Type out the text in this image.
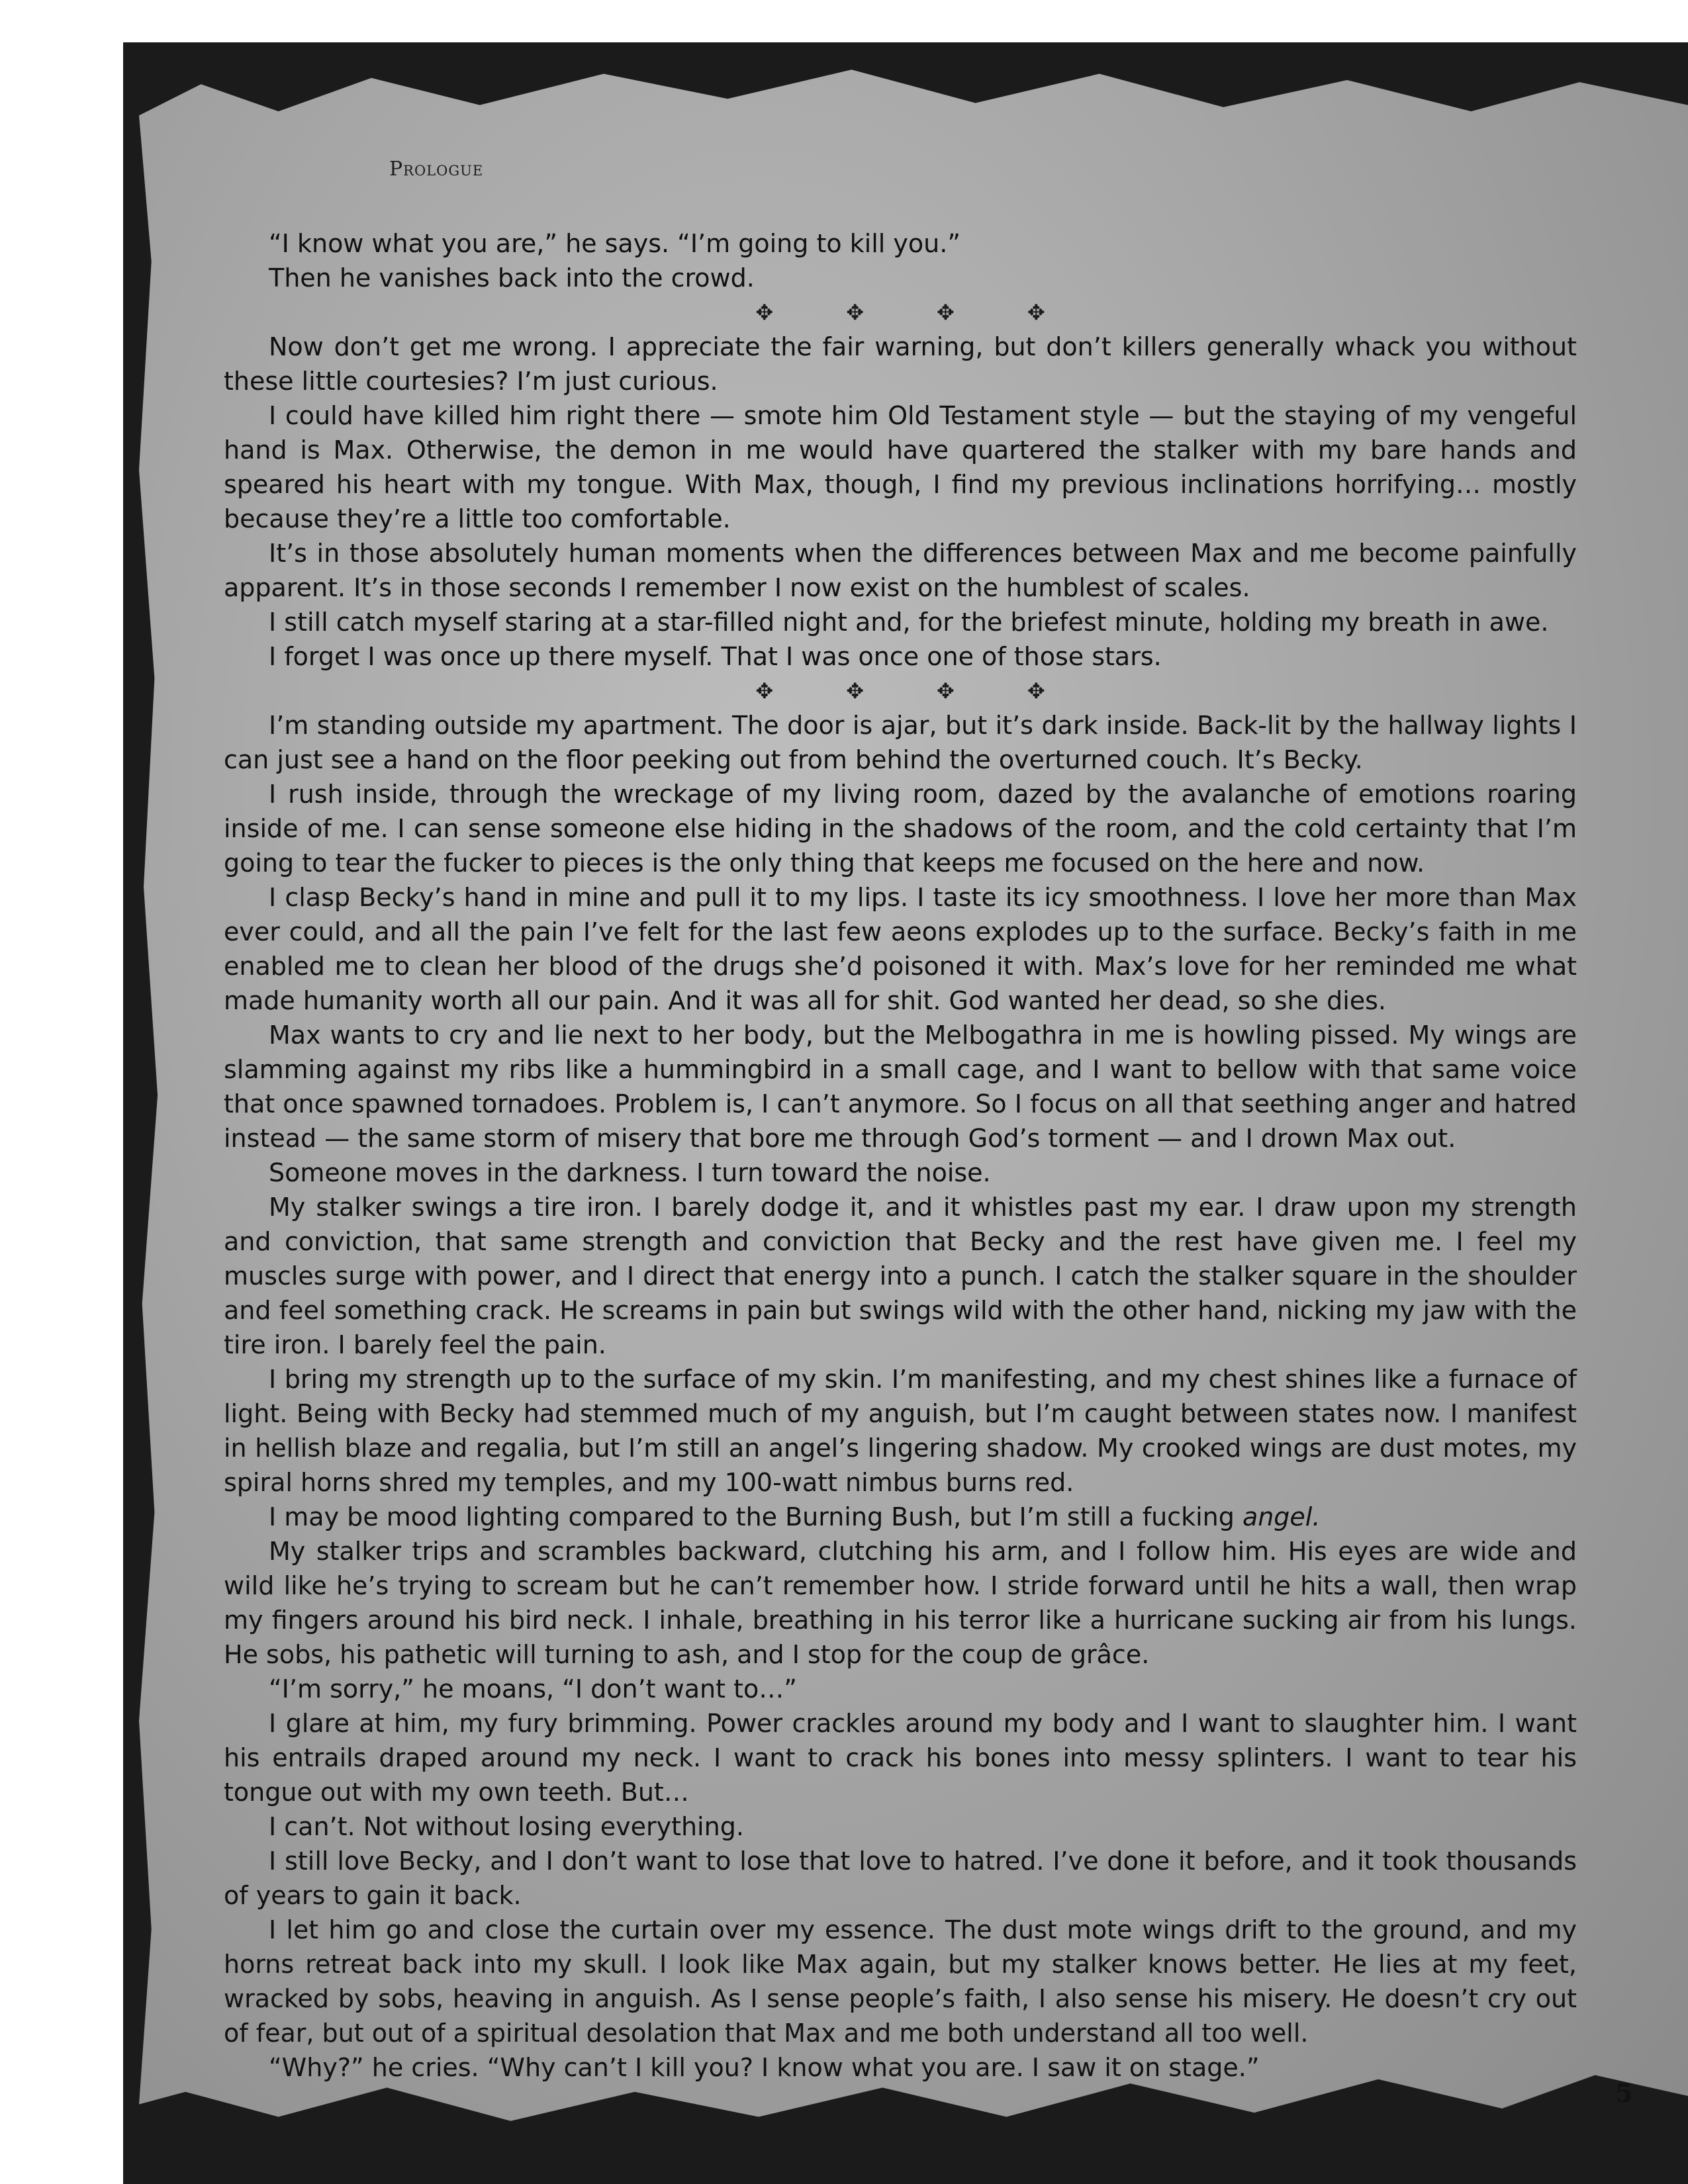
Prologue

“I know what you are,” he says. “I’m going to kill you.”

Then he vanishes back into the crowd.

✥✥✥✥

Now don’t get me wrong. I appreciate the fair warning, but don’t killers generally whack you without these little courtesies? I’m just curious.

I could have killed him right there — smote him Old Testament style — but the staying of my vengeful hand is Max. Otherwise, the demon in me would have quartered the stalker with my bare hands and speared his heart with my tongue. With Max, though, I find my previous inclinations horrifying… mostly because they’re a little too comfortable.

It’s in those absolutely human moments when the differences between Max and me become painfully apparent. It’s in those seconds I remember I now exist on the humblest of scales.

I still catch myself staring at a star-filled night and, for the briefest minute, holding my breath in awe.

I forget I was once up there myself. That I was once one of those stars.

✥✥✥✥

I’m standing outside my apartment. The door is ajar, but it’s dark inside. Back-lit by the hallway lights I can just see a hand on the floor peeking out from behind the overturned couch. It’s Becky.

I rush inside, through the wreckage of my living room, dazed by the avalanche of emotions roaring inside of me. I can sense someone else hiding in the shadows of the room, and the cold certainty that I’m going to tear the fucker to pieces is the only thing that keeps me focused on the here and now.

I clasp Becky’s hand in mine and pull it to my lips. I taste its icy smoothness. I love her more than Max ever could, and all the pain I’ve felt for the last few aeons explodes up to the surface. Becky’s faith in me enabled me to clean her blood of the drugs she’d poisoned it with. Max’s love for her reminded me what made humanity worth all our pain. And it was all for shit. God wanted her dead, so she dies.

Max wants to cry and lie next to her body, but the Melbogathra in me is howling pissed. My wings are slamming against my ribs like a hummingbird in a small cage, and I want to bellow with that same voice that once spawned tornadoes. Problem is, I can’t anymore. So I focus on all that seething anger and hatred instead — the same storm of misery that bore me through God’s torment — and I drown Max out.

Someone moves in the darkness. I turn toward the noise.

My stalker swings a tire iron. I barely dodge it, and it whistles past my ear. I draw upon my strength and conviction, that same strength and conviction that Becky and the rest have given me. I feel my muscles surge with power, and I direct that energy into a punch. I catch the stalker square in the shoulder and feel something crack. He screams in pain but swings wild with the other hand, nicking my jaw with the tire iron. I barely feel the pain.

I bring my strength up to the surface of my skin. I’m manifesting, and my chest shines like a furnace of light. Being with Becky had stemmed much of my anguish, but I’m caught between states now. I manifest in hellish blaze and regalia, but I’m still an angel’s lingering shadow. My crooked wings are dust motes, my spiral horns shred my temples, and my 100-watt nimbus burns red.

I may be mood lighting compared to the Burning Bush, but I’m still a fucking angel.

My stalker trips and scrambles backward, clutching his arm, and I follow him. His eyes are wide and wild like he’s trying to scream but he can’t remember how. I stride forward until he hits a wall, then wrap my fingers around his bird neck. I inhale, breathing in his terror like a hurricane sucking air from his lungs. He sobs, his pathetic will turning to ash, and I stop for the coup de grâce.

“I’m sorry,” he moans, “I don’t want to…”

I glare at him, my fury brimming. Power crackles around my body and I want to slaughter him. I want his entrails draped around my neck. I want to crack his bones into messy splinters. I want to tear his tongue out with my own teeth. But…

I can’t. Not without losing everything.

I still love Becky, and I don’t want to lose that love to hatred. I’ve done it before, and it took thousands of years to gain it back.

I let him go and close the curtain over my essence. The dust mote wings drift to the ground, and my horns retreat back into my skull. I look like Max again, but my stalker knows better. He lies at my feet, wracked by sobs, heaving in anguish. As I sense people’s faith, I also sense his misery. He doesn’t cry out of fear, but out of a spiritual desolation that Max and me both understand all too well.

“Why?” he cries. “Why can’t I kill you? I know what you are. I saw it on stage.”

5
